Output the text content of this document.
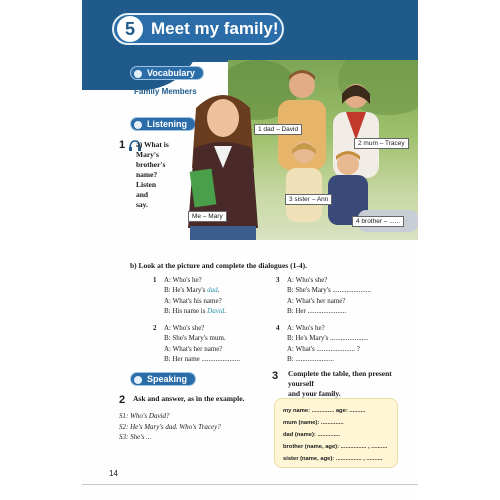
5 Meet my family!
Skills Work
Vocabulary
Family Members
Listening
1 a) What is
Mary's
brother's
name?
Listen
and
say.
1 dad – David
2 mum – Tracey
3 sister – Ann
4 brother – ......
Me – Mary
b) Look at the picture and complete the dialogues (1-4).
1 A: Who's he?
B: He's Mary's dad.
A: What's his name?
B: His name is David.
2 A: Who's she?
B: She's Mary's mum.
A: What's her name?
B: Her name ......................
3 A: Who's she?
B: She's Mary's ......................
A: What's her name?
B: Her ......................
4 A: Who's he?
B: He's Mary's ......................
A: What's ...................... ?
B: ......................
Speaking
2 Ask and answer, as in the example.
S1: Who's David?
S2: He's Mary's dad. Who's Tracey?
S3: She's ...
3 Complete the table, then present yourself
and your family.
my name: .............. age: ..........
mum (name): ..............
dad (name): ..............
brother (name, age): ................ , ..........
sister (name, age): ................ , ..........
14
